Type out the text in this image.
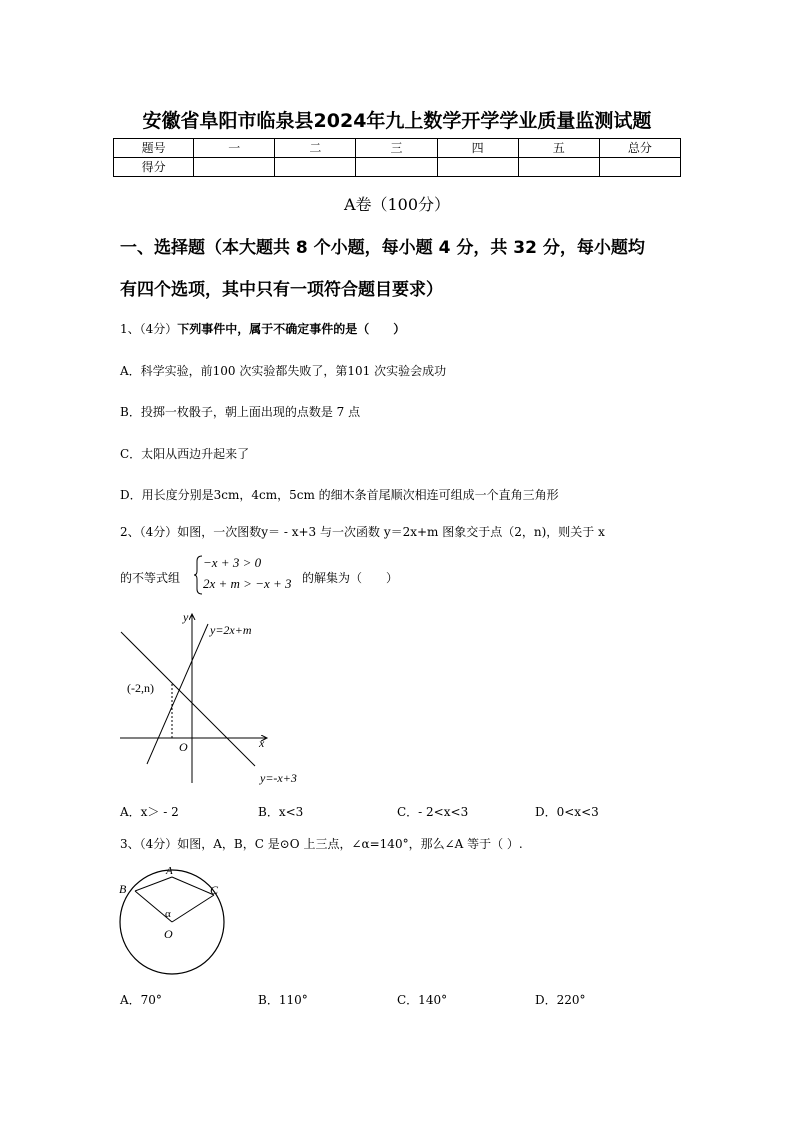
安徽省阜阳市临泉县2024年九上数学开学学业质量监测试题
题号	一	二	三	四	五	总分
得分						
A卷（100分）
一、选择题（本大题共 8 个小题，每小题 4 分，共 32 分，每小题均
有四个选项，其中只有一项符合题目要求）
1、（4分）下列事件中，属于不确定事件的是（　　）
A．科学实验，前100 次实验都失败了，第101 次实验会成功
B．投掷一枚骰子，朝上面出现的点数是 7 点
C．太阳从西边升起来了
D．用长度分别是3cm，4cm，5cm 的细木条首尾顺次相连可组成一个直角三角形
2、（4分）如图，一次图数y＝ - x+3 与一次函数 y＝2x+m 图象交于点（2，n)，则关于 x
的不等式组
−x + 3 > 0
2x + m > −x + 3 的解集为（　　）
y
x
O
y=2x+m
y=-x+3
(-2,n)
A．x＞ - 2	B．x<3	C．- 2<x<3	D．0<x<3
3、（4分）如图，A，B，C 是⊙O 上三点，∠α=140°，那么∠A 等于（ ）.
A
B	C
O
α
A．70°	B．110°	C．140°	D．220°
